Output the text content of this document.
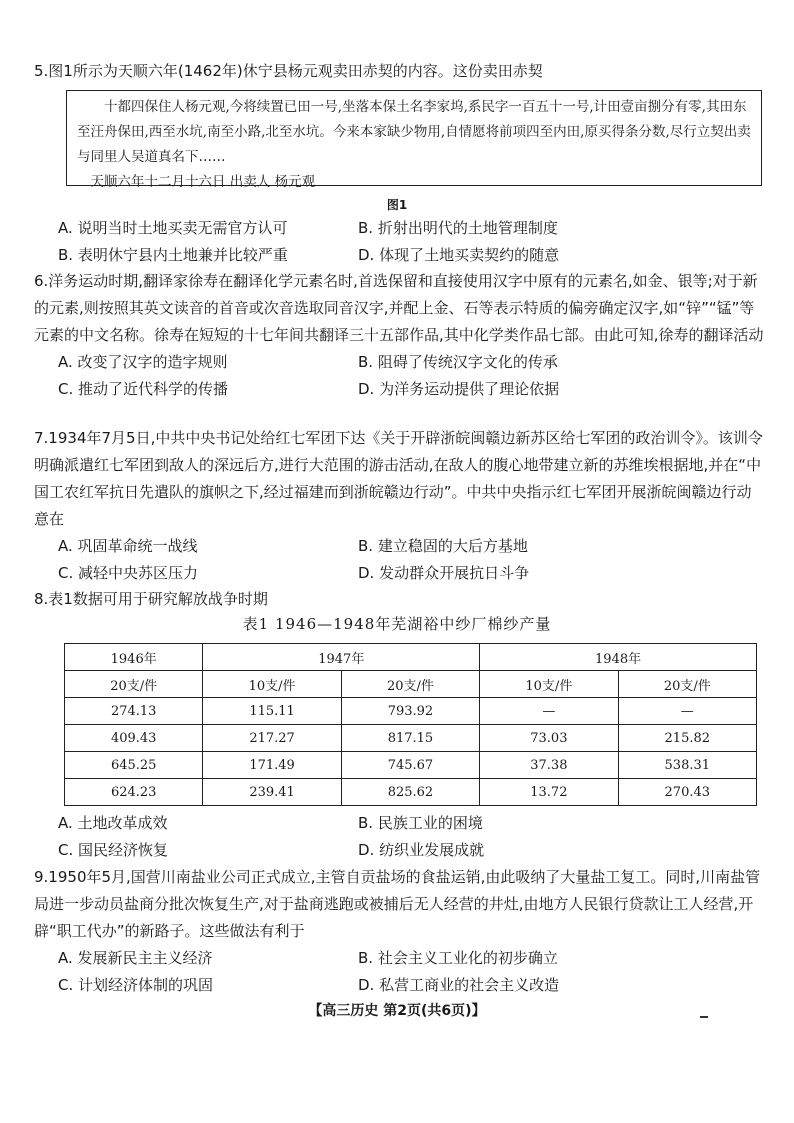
5.图1所示为天顺六年(1462年)休宁县杨元观卖田赤契的内容。这份卖田赤契

十都四保住人杨元观,今将续置已田一号,坐落本保土名李家坞,系民字一百五十一号,计田壹亩捌分有零,其田东至汪舟保田,西至水坑,南至小路,北至水坑。今来本家缺少物用,自情愿将前项四至内田,原买得条分数,尽行立契出卖与同里人吴道真名下……

天顺六年十二月十六日 出卖人 杨元观

图1
A. 说明当时土地买卖无需官方认可	B. 折射出明代的土地管理制度
B. 表明休宁县内土地兼并比较严重	D. 体现了土地买卖契约的随意

6.洋务运动时期,翻译家徐寿在翻译化学元素名时,首选保留和直接使用汉字中原有的元素名,如金、银等;对于新的元素,则按照其英文读音的首音或次音选取同音汉字,并配上金、石等表示特质的偏旁确定汉字,如“锌”“锰”等元素的中文名称。徐寿在短短的十七年间共翻译三十五部作品,其中化学类作品七部。由此可知,徐寿的翻译活动

A. 改变了汉字的造字规则	B. 阻碍了传统汉字文化的传承
C. 推动了近代科学的传播	D. 为洋务运动提供了理论依据

7.1934年7月5日,中共中央书记处给红七军团下达《关于开辟浙皖闽赣边新苏区给七军团的政治训令》。该训令明确派遣红七军团到敌人的深远后方,进行大范围的游击活动,在敌人的腹心地带建立新的苏维埃根据地,并在“中国工农红军抗日先遣队的旗帜之下,经过福建而到浙皖赣边行动”。中共中央指示红七军团开展浙皖闽赣边行动意在

A. 巩固革命统一战线	B. 建立稳固的大后方基地
C. 减轻中央苏区压力	D. 发动群众开展抗日斗争

8.表1数据可用于研究解放战争时期

表1 1946—1948年芜湖裕中纱厂棉纱产量
1946年	1947年		1948年	
20支/件	10支/件	20支/件	10支/件	20支/件
274.13	115.11	793.92	—	—
409.43	217.27	817.15	73.03	215.82
645.25	171.49	745.67	37.38	538.31
624.23	239.41	825.62	13.72	270.43
A. 土地改革成效	B. 民族工业的困境
C. 国民经济恢复	D. 纺织业发展成就

9.1950年5月,国营川南盐业公司正式成立,主管自贡盐场的食盐运销,由此吸纳了大量盐工复工。同时,川南盐管局进一步动员盐商分批次恢复生产,对于盐商逃跑或被捕后无人经营的井灶,由地方人民银行贷款让工人经营,开辟“职工代办”的新路子。这些做法有利于

A. 发展新民主主义经济	B. 社会主义工业化的初步确立
C. 计划经济体制的巩固	D. 私营工商业的社会主义改造
【高三历史 第2页(共6页)】
